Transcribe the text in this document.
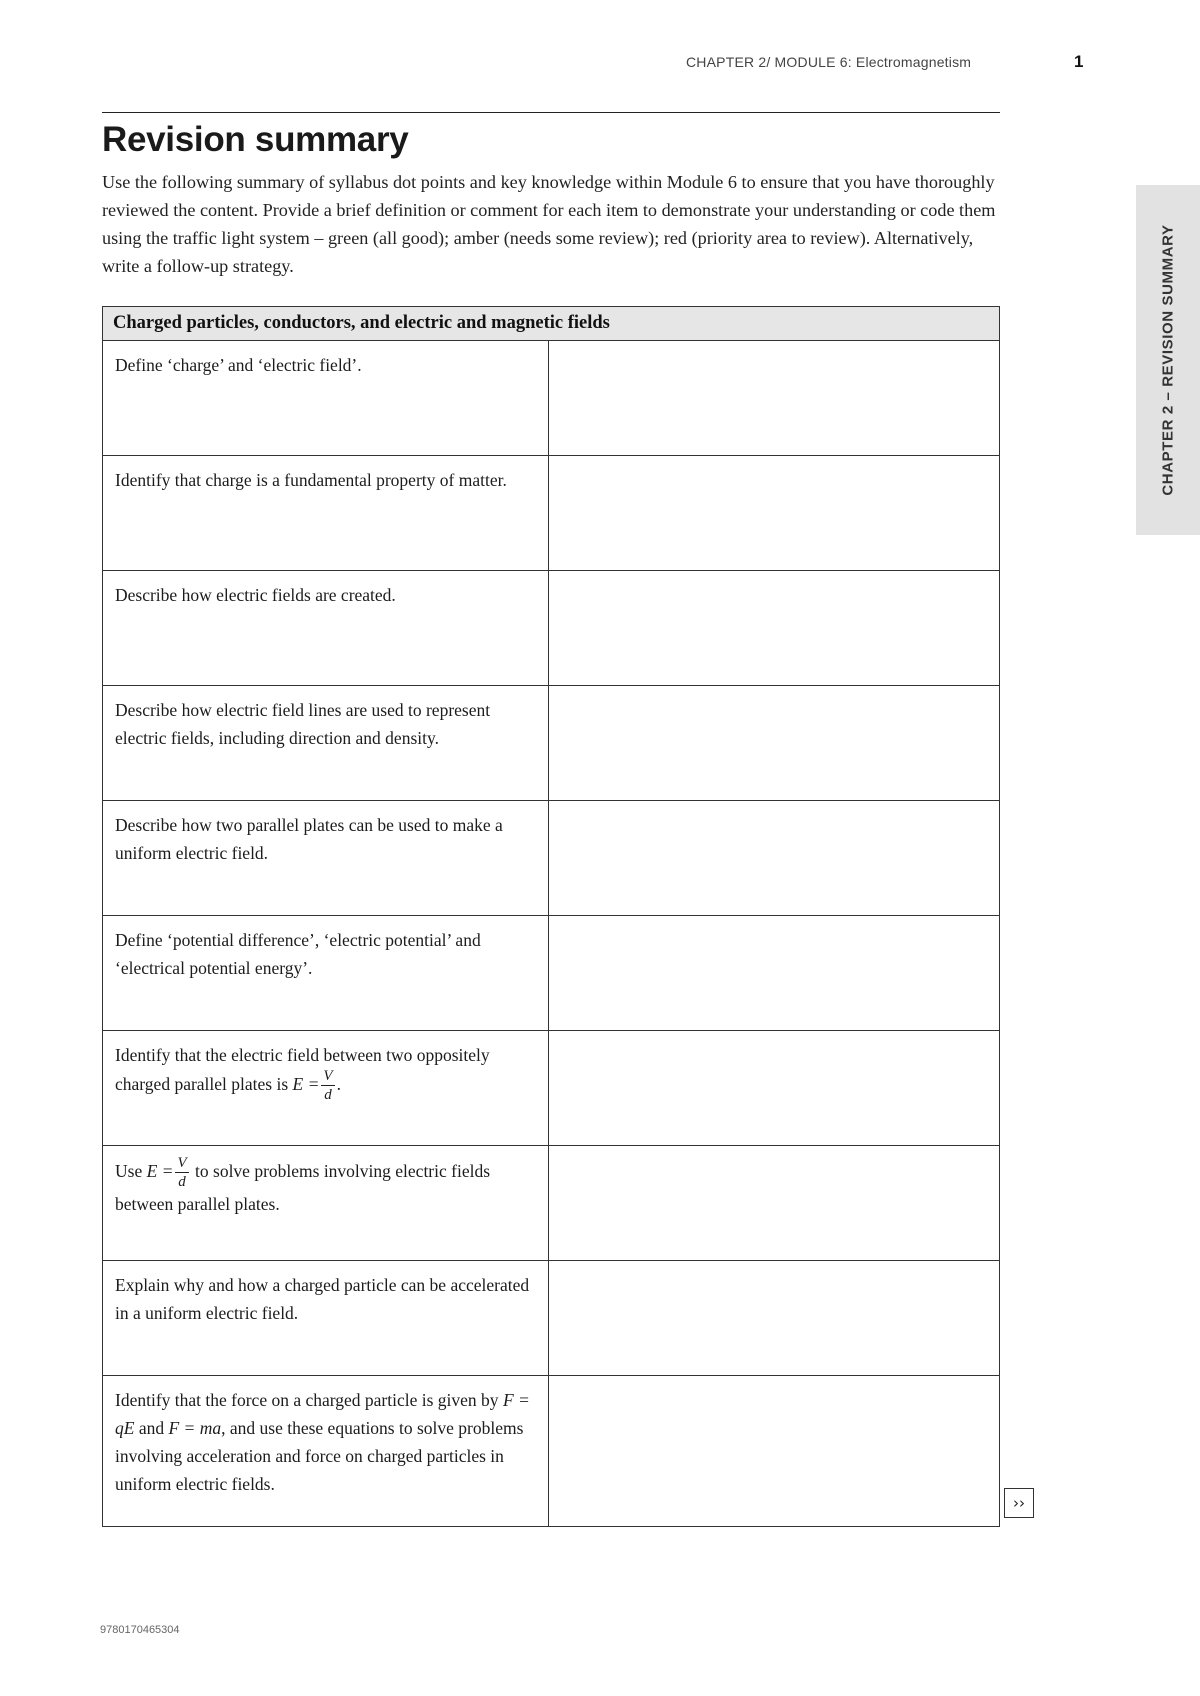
CHAPTER 2/ MODULE 6: Electromagnetism	1
CHAPTER 2 – REVISION SUMMARY
Revision summary

Use the following summary of syllabus dot points and key knowledge within Module 6 to ensure that you have thoroughly reviewed the content. Provide a brief definition or comment for each item to demonstrate your understanding or code them using the traffic light system – green (all good); amber (needs some review); red (priority area to review). Alternatively, write a follow-up strategy.

Charged particles, conductors, and electric and magnetic fields	

Define ‘charge’ and ‘electric field’.	

Identify that charge is a fundamental property of matter.	

Describe how electric fields are created.	

Describe how electric field lines are used to represent electric fields, including direction and density.	

Describe how two parallel plates can be used to make a uniform electric field.	

Define ‘potential difference’, ‘electric potential’ and ‘electrical potential energy’.	

Identify that the electric field between two oppositely charged parallel plates is $E = \frac{V}{d}$ .	

Use $E = \frac{V}{d}$ to solve problems involving electric fields between parallel plates.	

Explain why and how a charged particle can be accelerated in a uniform electric field.	

Identify that the force on a charged particle is given by F = qE and F = ma, and use these equations to solve problems involving acceleration and force on charged particles in uniform electric fields.	

››
9780170465304
